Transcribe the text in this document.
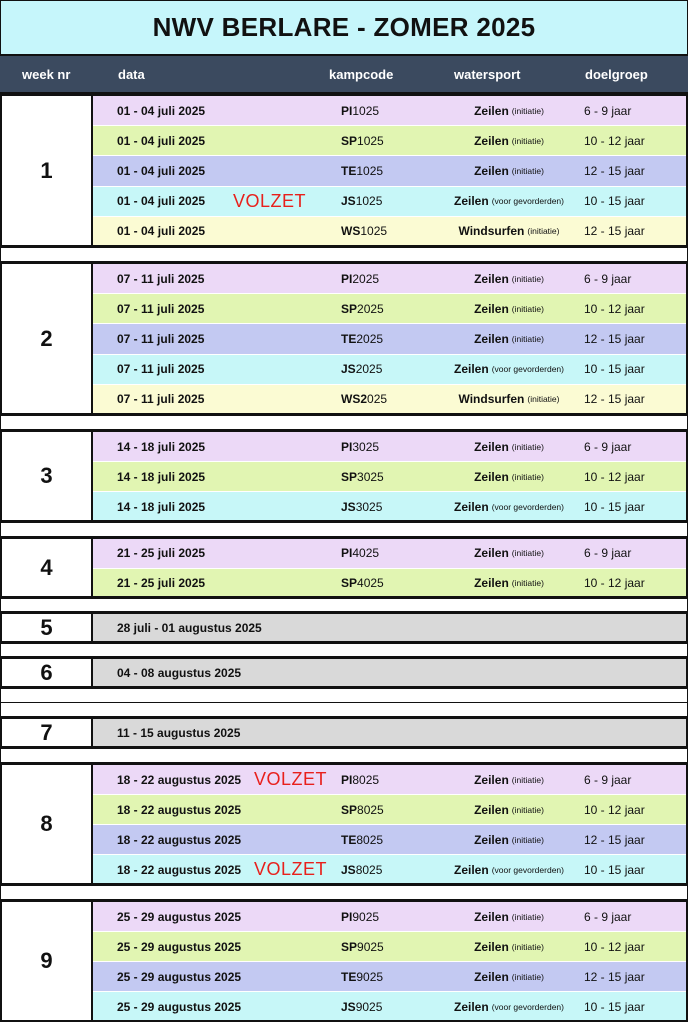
NWV BERLARE - ZOMER 2025
week nr	data	kampcode	watersport	doelgroep
1
01 - 04 juli 2025	PI 1025	Zeilen (initiatie)	6 - 9 jaar
01 - 04 juli 2025	SP 1025	Zeilen (initiatie)	10 - 12 jaar
01 - 04 juli 2025	TE 1025	Zeilen (initiatie)	12 - 15 jaar
01 - 04 juli 2025	JS 1025	Zeilen (voor gevorderden) 10 - 15 jaar
VOLZET
01 - 04 juli 2025	WS 1025	Windsurfen (initiatie) 12 - 15 jaar
2
07 - 11 juli 2025	PI 2025	Zeilen (initiatie)	6 - 9 jaar
07 - 11 juli 2025	SP 2025	Zeilen (initiatie)	10 - 12 jaar
07 - 11 juli 2025	TE 2025	Zeilen (initiatie)	12 - 15 jaar
07 - 11 juli 2025	JS 2025	Zeilen (voor gevorderden) 10 - 15 jaar
07 - 11 juli 2025	WS2 025	Windsurfen (initiatie) 12 - 15 jaar
3
14 - 18 juli 2025	PI 3025	Zeilen (initiatie)	6 - 9 jaar
14 - 18 juli 2025	SP 3025	Zeilen (initiatie)	10 - 12 jaar
14 - 18 juli 2025	JS 3025	Zeilen (voor gevorderden) 10 - 15 jaar
4
21 - 25 juli 2025	PI 4025	Zeilen (initiatie)	6 - 9 jaar
21 - 25 juli 2025	SP 4025	Zeilen (initiatie)	10 - 12 jaar
5	28 juli - 01 augustus 2025
6	04 - 08 augustus 2025
7	11 - 15 augustus 2025
8
18 - 22 augustus 2025	PI 8025	Zeilen (initiatie)	6 - 9 jaar
VOLZET
18 - 22 augustus 2025	SP 8025	Zeilen (initiatie)	10 - 12 jaar
18 - 22 augustus 2025	TE 8025	Zeilen (initiatie)	12 - 15 jaar
18 - 22 augustus 2025	JS 8025	Zeilen (voor gevorderden) 10 - 15 jaar
VOLZET
9
25 - 29 augustus 2025	PI 9025	Zeilen (initiatie)	6 - 9 jaar
25 - 29 augustus 2025	SP 9025	Zeilen (initiatie)	10 - 12 jaar
25 - 29 augustus 2025	TE 9025	Zeilen (initiatie)	12 - 15 jaar
25 - 29 augustus 2025	JS 9025	Zeilen (voor gevorderden) 10 - 15 jaar
